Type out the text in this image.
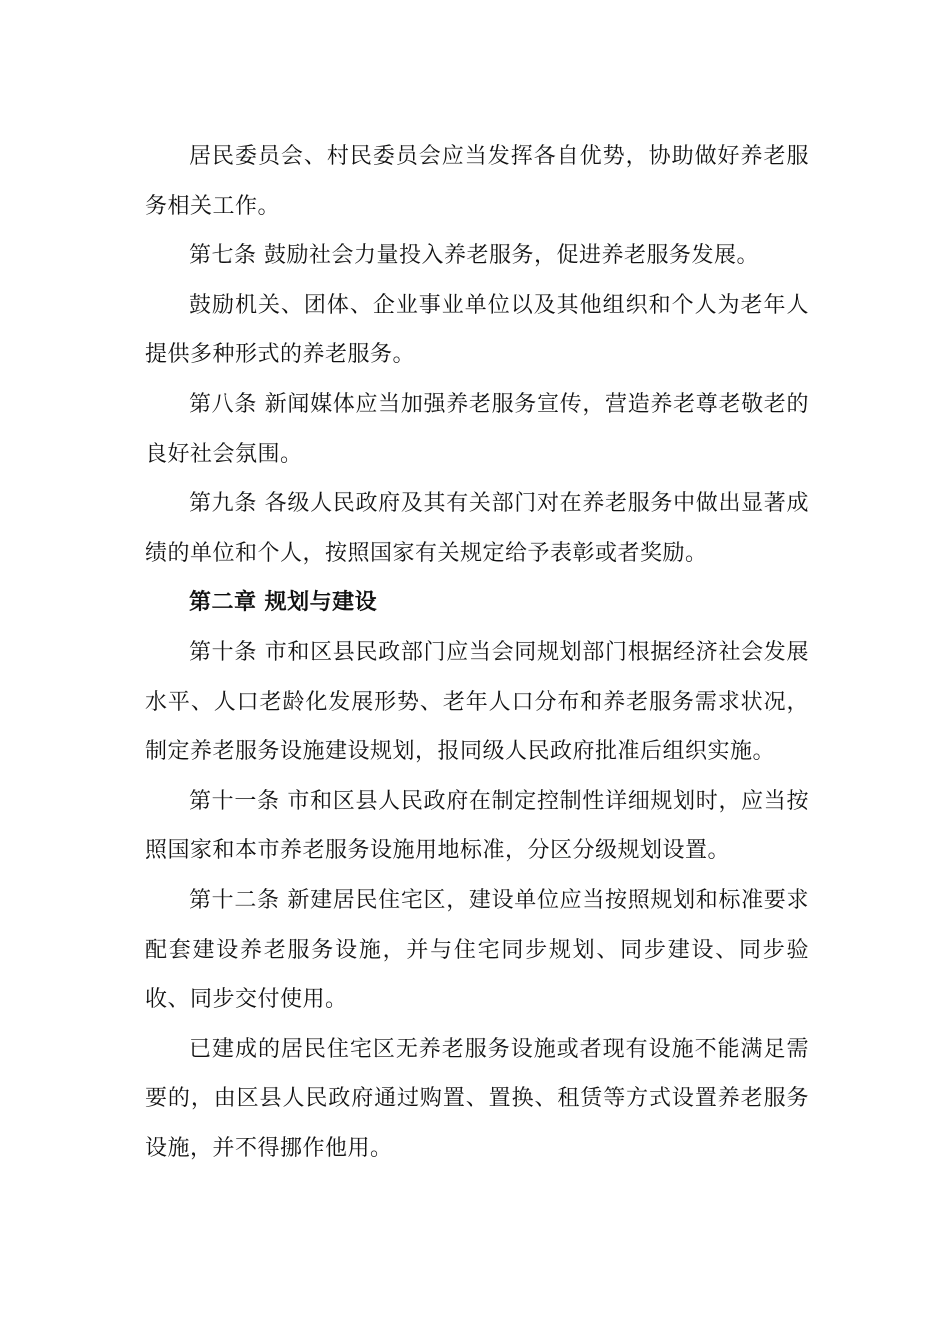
居民委员会、村民委员会应当发挥各自优势，协助做好养老服务相关工作。

第七条 鼓励社会力量投入养老服务，促进养老服务发展。

鼓励机关、团体、企业事业单位以及其他组织和个人为老年人提供多种形式的养老服务。

第八条 新闻媒体应当加强养老服务宣传，营造养老尊老敬老的良好社会氛围。

第九条 各级人民政府及其有关部门对在养老服务中做出显著成绩的单位和个人，按照国家有关规定给予表彰或者奖励。

第二章 规划与建设

第十条 市和区县民政部门应当会同规划部门根据经济社会发展水平、人口老龄化发展形势、老年人口分布和养老服务需求状况，制定养老服务设施建设规划，报同级人民政府批准后组织实施。

第十一条 市和区县人民政府在制定控制性详细规划时，应当按照国家和本市养老服务设施用地标准，分区分级规划设置。

第十二条 新建居民住宅区，建设单位应当按照规划和标准要求配套建设养老服务设施，并与住宅同步规划、同步建设、同步验收、同步交付使用。

已建成的居民住宅区无养老服务设施或者现有设施不能满足需要的，由区县人民政府通过购置、置换、租赁等方式设置养老服务设施，并不得挪作他用。
